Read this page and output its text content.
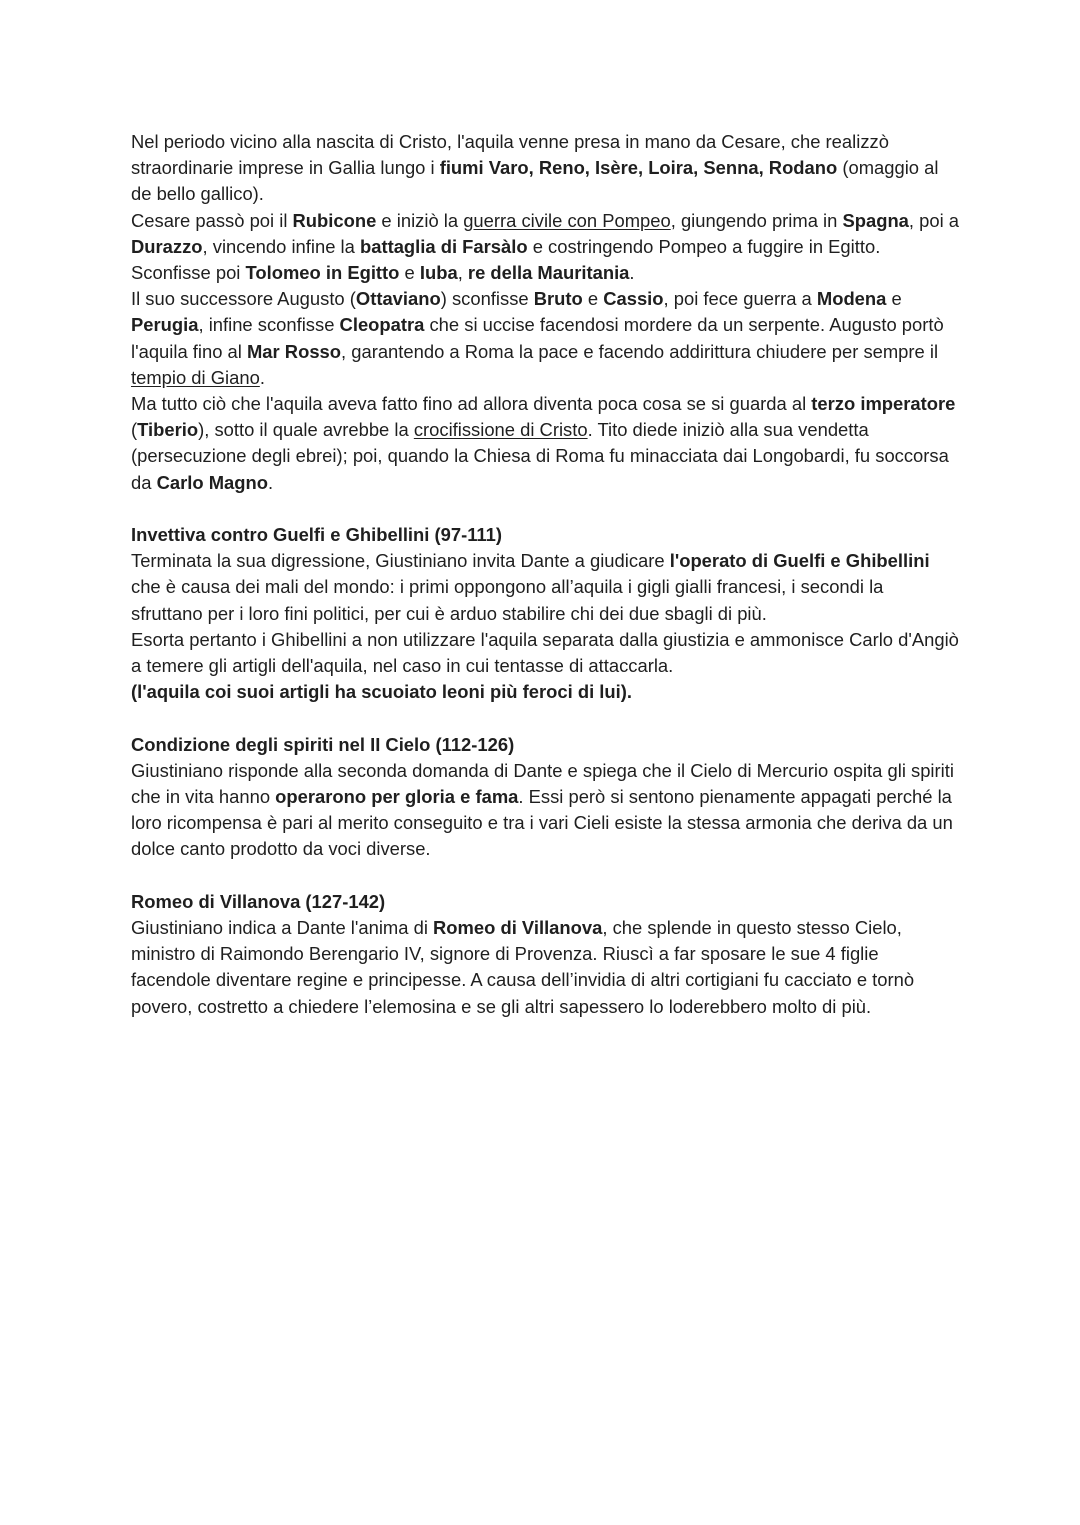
Nel periodo vicino alla nascita di Cristo, l'aquila venne presa in mano da Cesare, che realizzò straordinarie imprese in Gallia lungo i fiumi Varo, Reno, Isère, Loira, Senna, Rodano (omaggio al de bello gallico).

Cesare passò poi il Rubicone e iniziò la guerra civile con Pompeo, giungendo prima in Spagna, poi a Durazzo, vincendo infine la battaglia di Farsàlo e costringendo Pompeo a fuggire in Egitto.

Sconfisse poi Tolomeo in Egitto e Iuba, re della Mauritania.

Il suo successore Augusto (Ottaviano) sconfisse Bruto e Cassio, poi fece guerra a Modena e Perugia, infine sconfisse Cleopatra che si uccise facendosi mordere da un serpente. Augusto portò l'aquila fino al Mar Rosso, garantendo a Roma la pace e facendo addirittura chiudere per sempre il tempio di Giano.

Ma tutto ciò che l'aquila aveva fatto fino ad allora diventa poca cosa se si guarda al terzo imperatore (Tiberio), sotto il quale avrebbe la crocifissione di Cristo. Tito diede iniziò alla sua vendetta (persecuzione degli ebrei); poi, quando la Chiesa di Roma fu minacciata dai Longobardi, fu soccorsa da Carlo Magno.

Invettiva contro Guelfi e Ghibellini (97-111)

Terminata la sua digressione, Giustiniano invita Dante a giudicare l'operato di Guelfi e Ghibellini che è causa dei mali del mondo: i primi oppongono all’aquila i gigli gialli francesi, i secondi la sfruttano per i loro fini politici, per cui è arduo stabilire chi dei due sbagli di più.

Esorta pertanto i Ghibellini a non utilizzare l'aquila separata dalla giustizia e ammonisce Carlo d'Angiò a temere gli artigli dell'aquila, nel caso in cui tentasse di attaccarla.

(l'aquila coi suoi artigli ha scuoiato leoni più feroci di lui).

Condizione degli spiriti nel II Cielo (112-126)

Giustiniano risponde alla seconda domanda di Dante e spiega che il Cielo di Mercurio ospita gli spiriti che in vita hanno operarono per gloria e fama. Essi però si sentono pienamente appagati perché la loro ricompensa è pari al merito conseguito e tra i vari Cieli esiste la stessa armonia che deriva da un dolce canto prodotto da voci diverse.

Romeo di Villanova (127-142)

Giustiniano indica a Dante l'anima di Romeo di Villanova, che splende in questo stesso Cielo, ministro di Raimondo Berengario IV, signore di Provenza. Riuscì a far sposare le sue 4 figlie facendole diventare regine e principesse. A causa dell’invidia di altri cortigiani fu cacciato e tornò povero, costretto a chiedere l’elemosina e se gli altri sapessero lo loderebbero molto di più.
